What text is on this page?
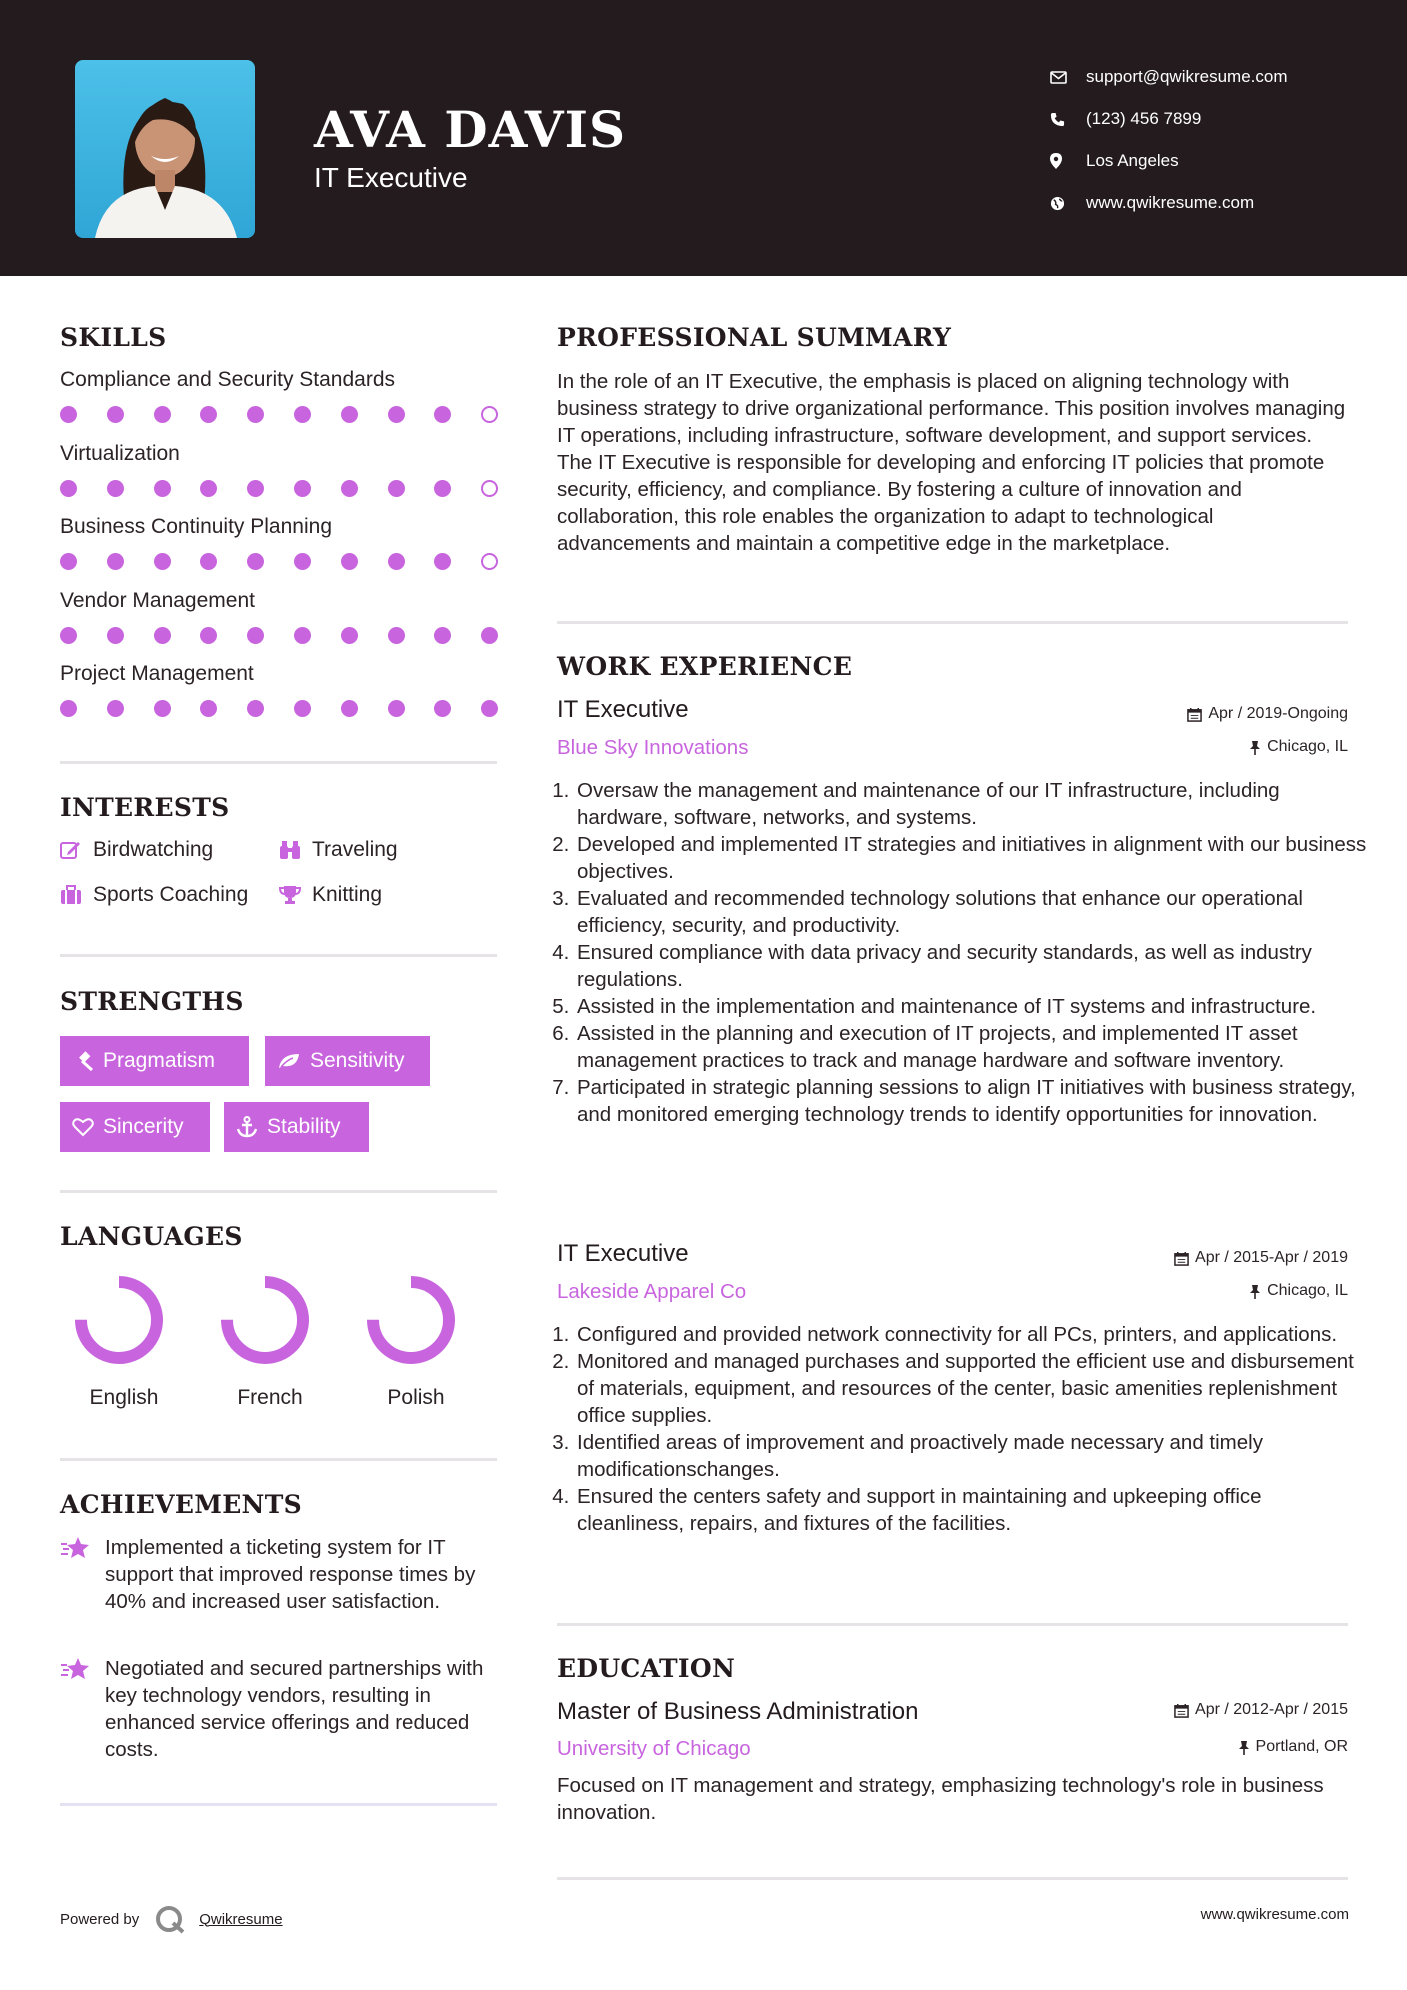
AVA DAVIS
IT Executive
support@qwikresume.com
(123) 456 7899
Los Angeles
www.qwikresume.com
SKILLS
Compliance and Security Standards
Virtualization
Business Continuity Planning
Vendor Management
Project Management
INTERESTS
Birdwatching	Traveling
Sports Coaching	Knitting
STRENGTHS
Pragmatism	Sensitivity
Sincerity	Stability
LANGUAGES
English	French	Polish
ACHIEVEMENTS
Implemented a ticketing system for IT support that improved response times by 40% and increased user satisfaction.
Negotiated and secured partnerships with key technology vendors, resulting in enhanced service offerings and reduced costs.
PROFESSIONAL SUMMARY
In the role of an IT Executive, the emphasis is placed on aligning technology with business strategy to drive organizational performance. This position involves managing IT operations, including infrastructure, software development, and support services. The IT Executive is responsible for developing and enforcing IT policies that promote security, efficiency, and compliance. By fostering a culture of innovation and collaboration, this role enables the organization to adapt to technological advancements and maintain a competitive edge in the marketplace.
WORK EXPERIENCE
IT Executive	Apr / 2019-Ongoing
Blue Sky Innovations	Chicago, IL
1. Oversaw the management and maintenance of our IT infrastructure, including hardware, software, networks, and systems.
2. Developed and implemented IT strategies and initiatives in alignment with our business objectives.
3. Evaluated and recommended technology solutions that enhance our operational efficiency, security, and productivity.
4. Ensured compliance with data privacy and security standards, as well as industry regulations.
5. Assisted in the implementation and maintenance of IT systems and infrastructure.
6. Assisted in the planning and execution of IT projects, and implemented IT asset management practices to track and manage hardware and software inventory.
7. Participated in strategic planning sessions to align IT initiatives with business strategy, and monitored emerging technology trends to identify opportunities for innovation.
IT Executive	Apr / 2015-Apr / 2019
Lakeside Apparel Co	Chicago, IL
1. Configured and provided network connectivity for all PCs, printers, and applications.
2. Monitored and managed purchases and supported the efficient use and disbursement of materials, equipment, and resources of the center, basic amenities replenishment office supplies.
3. Identified areas of improvement and proactively made necessary and timely modificationschanges.
4. Ensured the centers safety and support in maintaining and upkeeping office cleanliness, repairs, and fixtures of the facilities.
EDUCATION
Master of Business Administration	Apr / 2012-Apr / 2015
University of Chicago	Portland, OR
Focused on IT management and strategy, emphasizing technology's role in business innovation.
Powered by	Qwikresume	www.qwikresume.com
